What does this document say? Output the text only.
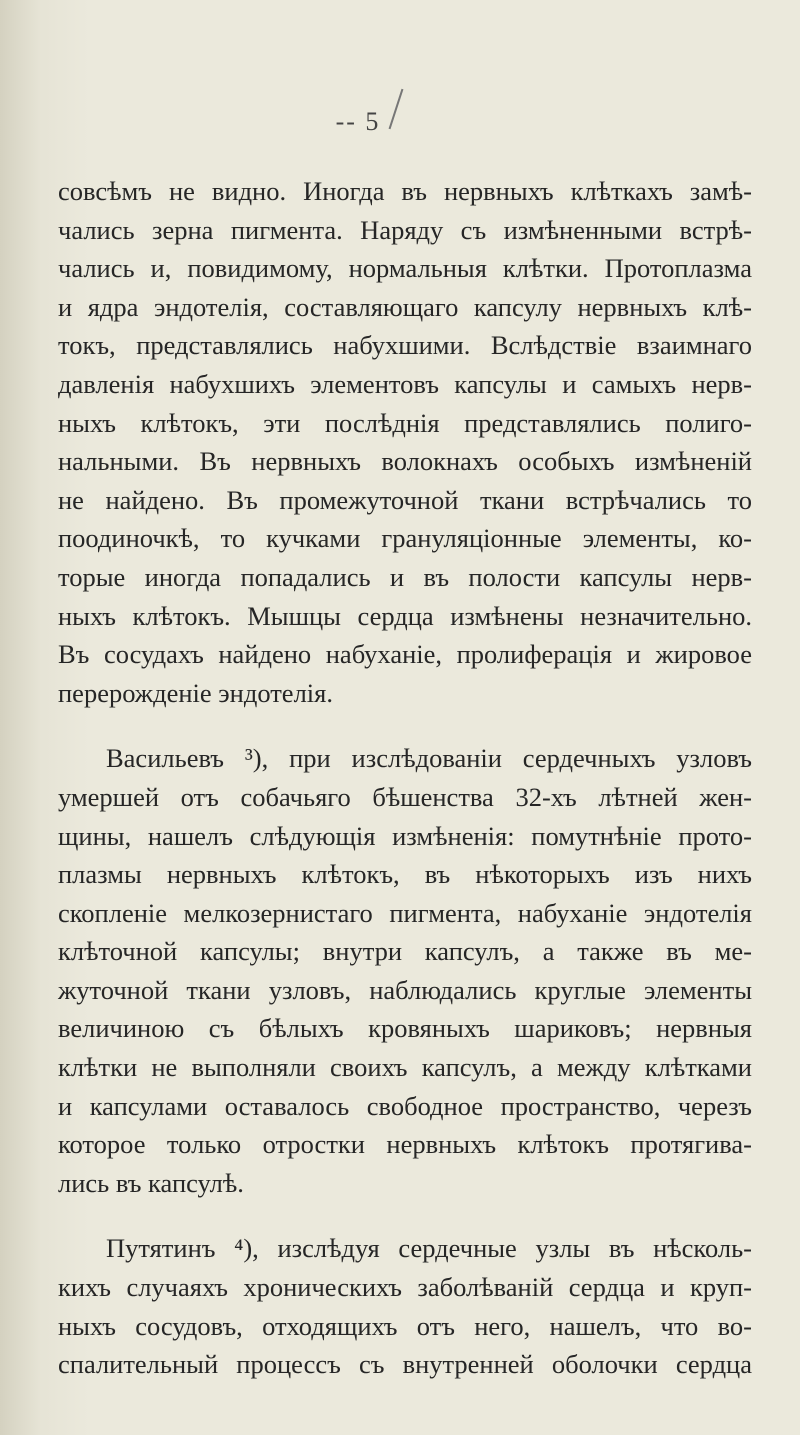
-- 5
совсѣмъ не видно. Иногда въ нервныхъ клѣткахъ замѣ-
чались зерна пигмента. Наряду съ измѣненными встрѣ-
чались и, повидимому, нормальныя клѣтки. Протоплазма
и ядра эндотелія, составляющаго капсулу нервныхъ клѣ-
токъ, представлялись набухшими. Вслѣдствіе взаимнаго
давленія набухшихъ элементовъ капсулы и самыхъ нерв-
ныхъ клѣтокъ, эти послѣднія представлялись полиго-
нальными. Въ нервныхъ волокнахъ особыхъ измѣненій
не найдено. Въ промежуточной ткани встрѣчались то
поодиночкѣ, то кучками грануляціонные элементы, ко-
торые иногда попадались и въ полости капсулы нерв-
ныхъ клѣтокъ. Мышцы сердца измѣнены незначительно.
Въ сосудахъ найдено набуханіе, пролиферація и жировое
перерожденіе эндотелія.
Васильевъ ³), при изслѣдованіи сердечныхъ узловъ
умершей отъ собачьяго бѣшенства 32-хъ лѣтней жен-
щины, нашелъ слѣдующія измѣненія: помутнѣніе прото-
плазмы нервныхъ клѣтокъ, въ нѣкоторыхъ изъ нихъ
скопленіе мелкозернистаго пигмента, набуханіе эндотелія
клѣточной капсулы; внутри капсулъ, а также въ ме-
жуточной ткани узловъ, наблюдались круглые элементы
величиною съ бѣлыхъ кровяныхъ шариковъ; нервныя
клѣтки не выполняли своихъ капсулъ, а между клѣтками
и капсулами оставалось свободное пространство, черезъ
которое только отростки нервныхъ клѣтокъ протягива-
лись въ капсулѣ.
Путятинъ ⁴), изслѣдуя сердечные узлы въ нѣсколь-
кихъ случаяхъ хроническихъ заболѣваній сердца и круп-
ныхъ сосудовъ, отходящихъ отъ него, нашелъ, что во-
спалительный процессъ съ внутренней оболочки сердца
